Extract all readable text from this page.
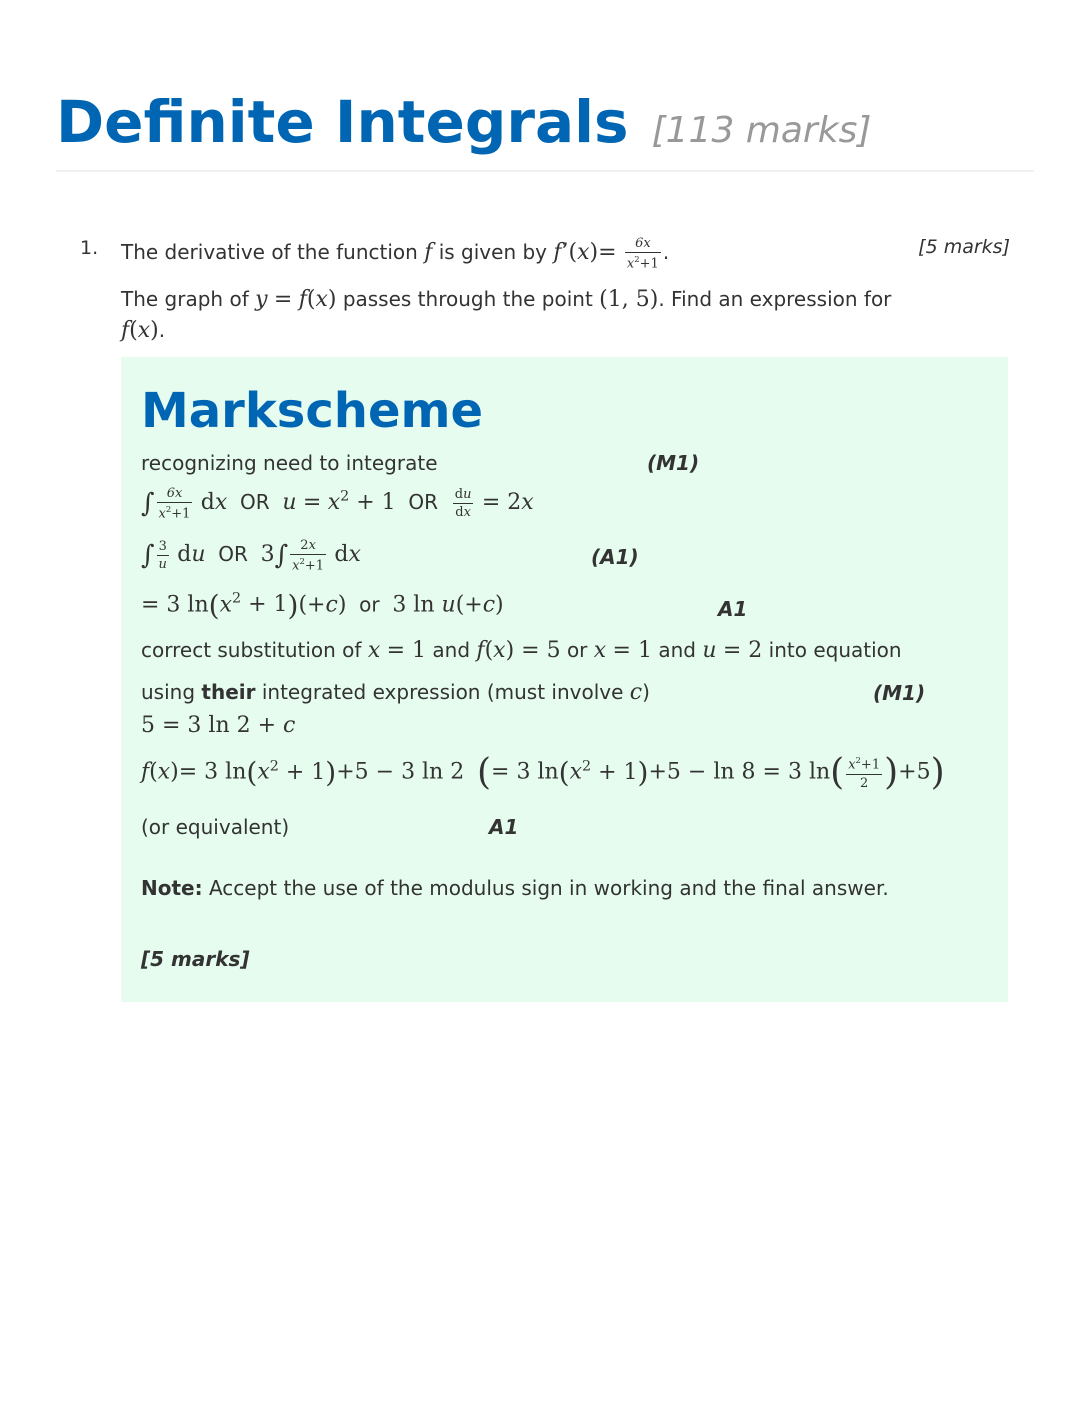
Definite Integrals [113 marks]
1.	[5 marks]
The derivative of the function f is given by f’(x)= $\frac{6x}{x^2+1}$ .
The graph of y = f(x) passes through the point (1, 5). Find an expression for
f(x).
Markscheme
recognizing need to integrate	(M1)
∫ $\frac{6x}{x^2+1}$ dx OR $u = x^2 + 1$ OR $\frac{du}{dx} = 2x$
∫ $\frac{3}{u}$ du OR $3\int \frac{2x}{x^2+1}$ dx	(A1)
= 3 $\ln(x^2 + 1)(+c)$ or 3 ln u(+c)	A1
correct substitution of x = 1 and f(x) = 5 or x = 1 and u = 2 into equation
using their integrated expression (must involve c)	(M1)
5 = 3 ln 2 + c
f(x)= 3 $\ln(x^2 + 1)+5 - 3$ ln 2 (= 3 $\ln(x^2 + 1)+5 - \ln 8 = 3$ $\ln( \frac{x^2+1}{2} )+5$)
(or equivalent)	A1
Note: Accept the use of the modulus sign in working and the final answer.
[5 marks]
